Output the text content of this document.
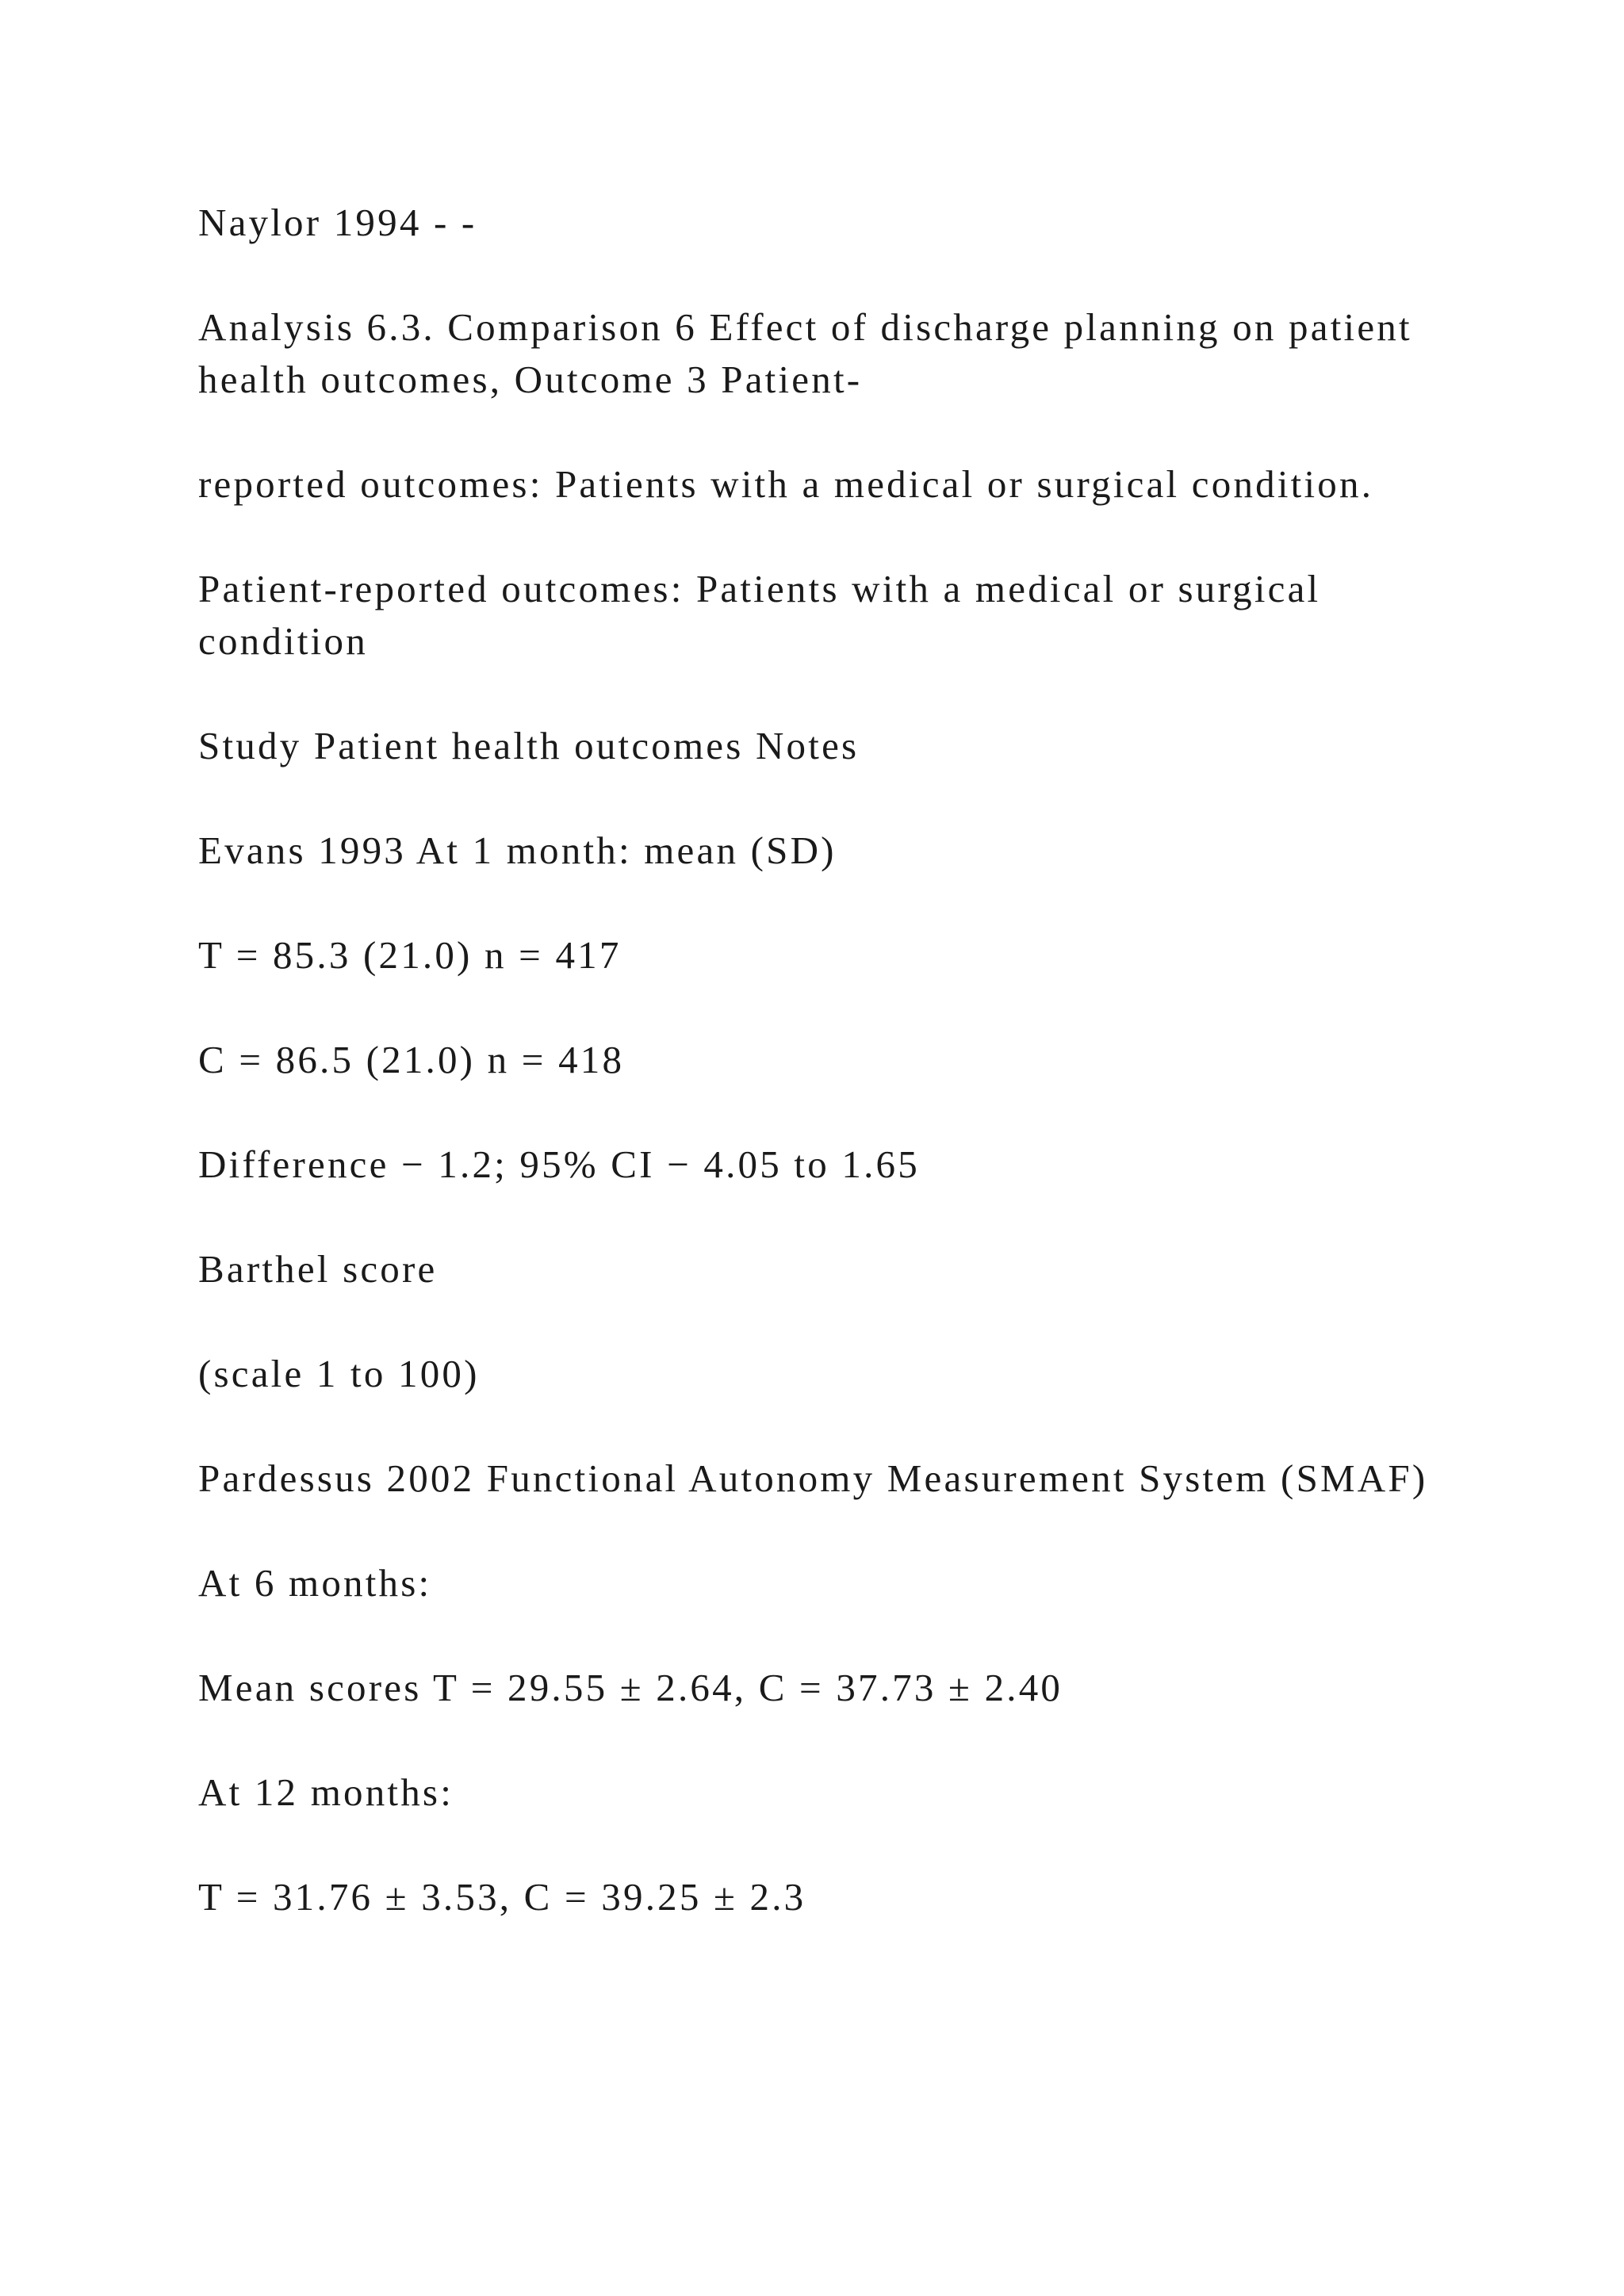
Naylor 1994 - -

Analysis 6.3. Comparison 6 Effect of discharge planning on patient health outcomes, Outcome 3 Patient-

reported outcomes: Patients with a medical or surgical condition.

Patient-reported outcomes: Patients with a medical or surgical condition

Study Patient health outcomes Notes

Evans 1993 At 1 month: mean (SD)

T = 85.3 (21.0) n = 417

C = 86.5 (21.0) n = 418

Difference − 1.2; 95% CI − 4.05 to 1.65

Barthel score

(scale 1 to 100)

Pardessus 2002 Functional Autonomy Measurement System (SMAF)

At 6 months:

Mean scores T = 29.55 ± 2.64, C = 37.73 ± 2.40

At 12 months:

T = 31.76 ± 3.53, C = 39.25 ± 2.3
